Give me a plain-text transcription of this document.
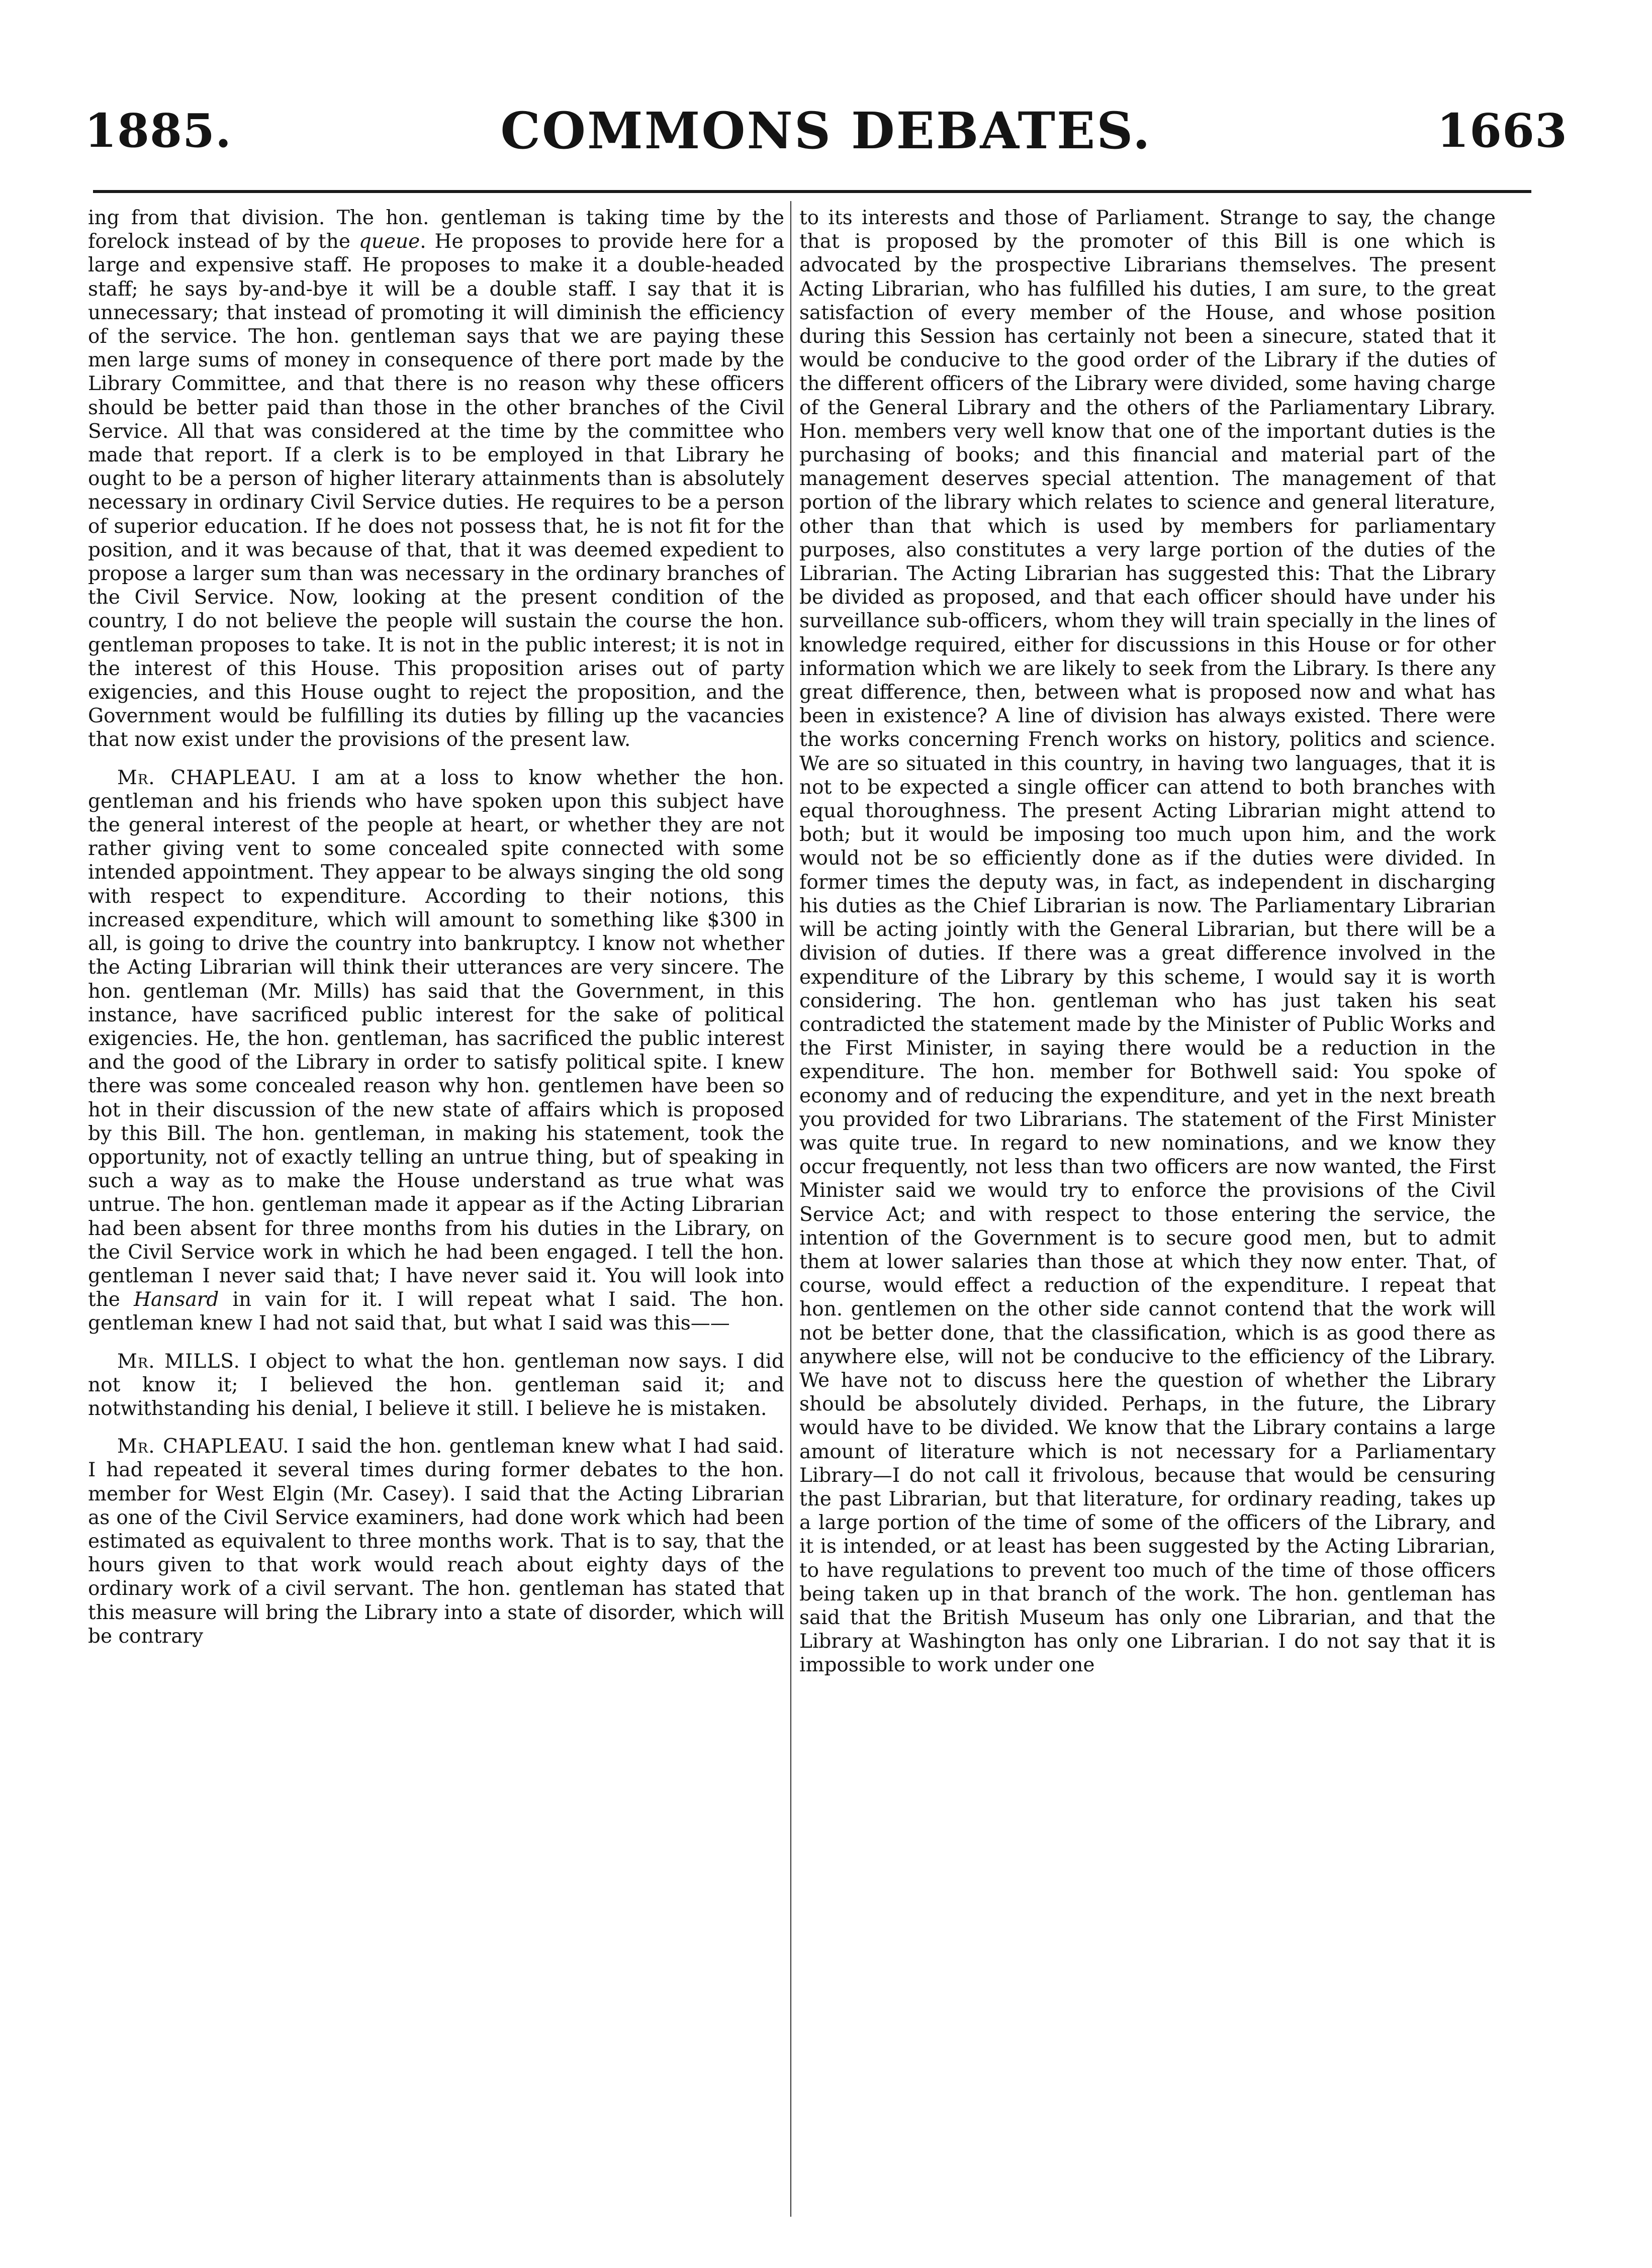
1885.	COMMONS DEBATES.	1663

ing from that division. The hon. gentleman is taking time by the forelock instead of by the queue. He proposes to provide here for a large and expensive staff. He proposes to make it a double-headed staff; he says by-and-bye it will be a double staff. I say that it is unnecessary; that instead of promoting it will diminish the efficiency of the service. The hon. gentleman says that we are paying these men large sums of money in consequence of there port made by the Library Committee, and that there is no reason why these officers should be better paid than those in the other branches of the Civil Service. All that was considered at the time by the committee who made that report. If a clerk is to be employed in that Library he ought to be a person of higher literary attainments than is absolutely necessary in ordinary Civil Service duties. He requires to be a person of superior education. If he does not possess that, he is not fit for the position, and it was because of that, that it was deemed expedient to propose a larger sum than was necessary in the ordinary branches of the Civil Service. Now, looking at the present condition of the country, I do not believe the people will sustain the course the hon. gentleman proposes to take. It is not in the public interest; it is not in the interest of this House. This proposition arises out of party exigencies, and this House ought to reject the proposition, and the Government would be fulfilling its duties by filling up the vacancies that now exist under the provisions of the present law.

Mr. CHAPLEAU. I am at a loss to know whether the hon. gentleman and his friends who have spoken upon this subject have the general interest of the people at heart, or whether they are not rather giving vent to some concealed spite connected with some intended appointment. They appear to be always singing the old song with respect to expenditure. According to their notions, this increased expenditure, which will amount to something like $300 in all, is going to drive the country into bankruptcy. I know not whether the Acting Librarian will think their utterances are very sincere. The hon. gentleman (Mr. Mills) has said that the Government, in this instance, have sacrificed public interest for the sake of political exigencies. He, the hon. gentleman, has sacrificed the public interest and the good of the Library in order to satisfy political spite. I knew there was some concealed reason why hon. gentlemen have been so hot in their discussion of the new state of affairs which is proposed by this Bill. The hon. gentleman, in making his statement, took the opportunity, not of exactly telling an untrue thing, but of speaking in such a way as to make the House understand as true what was untrue. The hon. gentleman made it appear as if the Acting Librarian had been absent for three months from his duties in the Library, on the Civil Service work in which he had been engaged. I tell the hon. gentleman I never said that; I have never said it. You will look into the Hansard in vain for it. I will repeat what I said. The hon. gentleman knew I had not said that, but what I said was this——

Mr. MILLS. I object to what the hon. gentleman now says. I did not know it; I believed the hon. gentleman said it; and notwithstanding his denial, I believe it still. I believe he is mistaken.

Mr. CHAPLEAU. I said the hon. gentleman knew what I had said. I had repeated it several times during former debates to the hon. member for West Elgin (Mr. Casey). I said that the Acting Librarian as one of the Civil Service examiners, had done work which had been estimated as equivalent to three months work. That is to say, that the hours given to that work would reach about eighty days of the ordinary work of a civil servant. The hon. gentleman has stated that this measure will bring the Library into a state of disorder, which will be contrary

to its interests and those of Parliament. Strange to say, the change that is proposed by the promoter of this Bill is one which is advocated by the prospective Librarians themselves. The present Acting Librarian, who has fulfilled his duties, I am sure, to the great satisfaction of every member of the House, and whose position during this Session has certainly not been a sinecure, stated that it would be conducive to the good order of the Library if the duties of the different officers of the Library were divided, some having charge of the General Library and the others of the Parliamentary Library. Hon. members very well know that one of the important duties is the purchasing of books; and this financial and material part of the management deserves special attention. The management of that portion of the library which relates to science and general literature, other than that which is used by members for parliamentary purposes, also constitutes a very large portion of the duties of the Librarian. The Acting Librarian has suggested this: That the Library be divided as proposed, and that each officer should have under his surveillance sub-officers, whom they will train specially in the lines of knowledge required, either for discussions in this House or for other information which we are likely to seek from the Library. Is there any great difference, then, between what is proposed now and what has been in existence? A line of division has always existed. There were the works concerning French works on history, politics and science. We are so situated in this country, in having two languages, that it is not to be expected a single officer can attend to both branches with equal thoroughness. The present Acting Librarian might attend to both; but it would be imposing too much upon him, and the work would not be so efficiently done as if the duties were divided. In former times the deputy was, in fact, as independent in discharging his duties as the Chief Librarian is now. The Parliamentary Librarian will be acting jointly with the General Librarian, but there will be a division of duties. If there was a great difference involved in the expenditure of the Library by this scheme, I would say it is worth considering. The hon. gentleman who has just taken his seat contradicted the statement made by the Minister of Public Works and the First Minister, in saying there would be a reduction in the expenditure. The hon. member for Bothwell said: You spoke of economy and of reducing the expenditure, and yet in the next breath you provided for two Librarians. The statement of the First Minister was quite true. In regard to new nominations, and we know they occur frequently, not less than two officers are now wanted, the First Minister said we would try to enforce the provisions of the Civil Service Act; and with respect to those entering the service, the intention of the Government is to secure good men, but to admit them at lower salaries than those at which they now enter. That, of course, would effect a reduction of the expenditure. I repeat that hon. gentlemen on the other side cannot contend that the work will not be better done, that the classification, which is as good there as anywhere else, will not be conducive to the efficiency of the Library. We have not to discuss here the question of whether the Library should be absolutely divided. Perhaps, in the future, the Library would have to be divided. We know that the Library contains a large amount of literature which is not necessary for a Parliamentary Library—I do not call it frivolous, because that would be censuring the past Librarian, but that literature, for ordinary reading, takes up a large portion of the time of some of the officers of the Library, and it is intended, or at least has been suggested by the Acting Librarian, to have regulations to prevent too much of the time of those officers being taken up in that branch of the work. The hon. gentleman has said that the British Museum has only one Librarian, and that the Library at Washington has only one Librarian. I do not say that it is impossible to work under one
